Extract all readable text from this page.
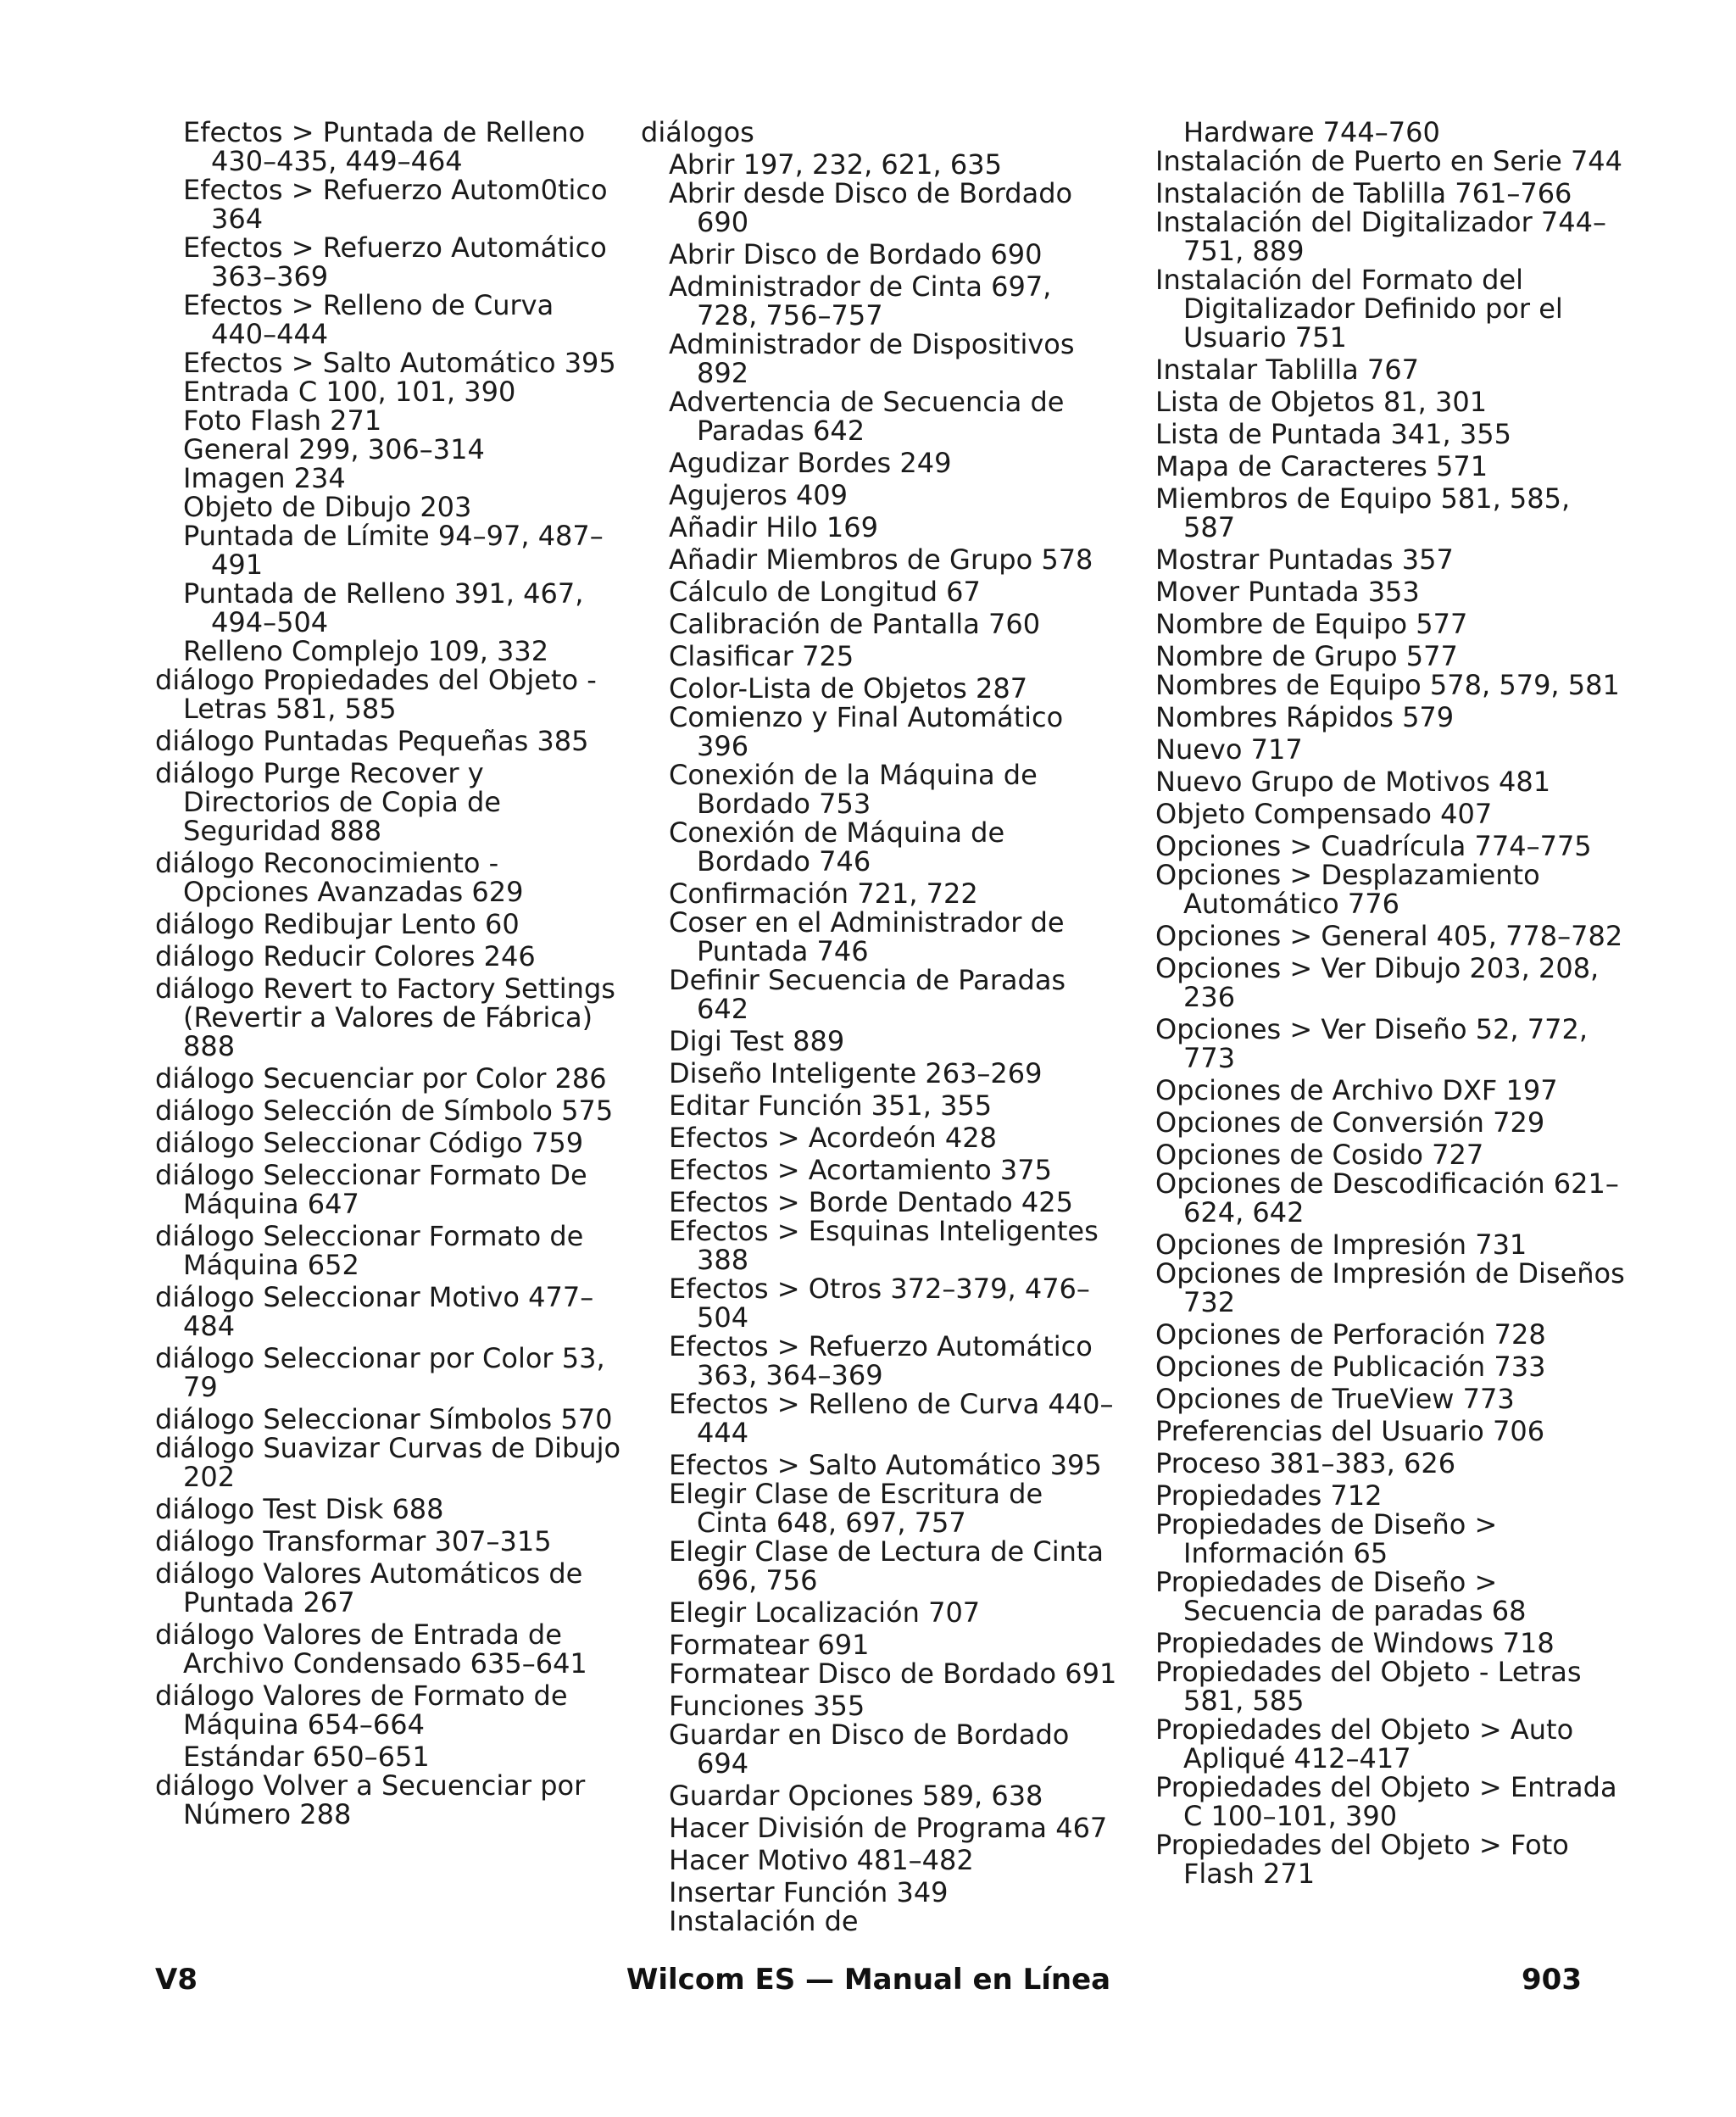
Efectos > Puntada de Relleno 430–435, 449–464
Efectos > Refuerzo Autom0tico 364
Efectos > Refuerzo Automático 363–369
Efectos > Relleno de Curva 440–444
Efectos > Salto Automático 395
Entrada C 100, 101, 390
Foto Flash 271
General 299, 306–314
Imagen 234
Objeto de Dibujo 203
Puntada de Límite 94–97, 487–491
Puntada de Relleno 391, 467, 494–504
Relleno Complejo 109, 332
diálogo Propiedades del Objeto - Letras 581, 585
diálogo Puntadas Pequeñas 385
diálogo Purge Recover y Directorios de Copia de Seguridad 888
diálogo Reconocimiento - Opciones Avanzadas 629
diálogo Redibujar Lento 60
diálogo Reducir Colores 246
diálogo Revert to Factory Settings (Revertir a Valores de Fábrica) 888
diálogo Secuenciar por Color 286
diálogo Selección de Símbolo 575
diálogo Seleccionar Código 759
diálogo Seleccionar Formato De Máquina 647
diálogo Seleccionar Formato de Máquina 652
diálogo Seleccionar Motivo 477–484
diálogo Seleccionar por Color 53, 79
diálogo Seleccionar Símbolos 570
diálogo Suavizar Curvas de Dibujo 202
diálogo Test Disk 688
diálogo Transformar 307–315
diálogo Valores Automáticos de Puntada 267
diálogo Valores de Entrada de Archivo Condensado 635–641
diálogo Valores de Formato de Máquina 654–664
Estándar 650–651
diálogo Volver a Secuenciar por Número 288
diálogos
Abrir 197, 232, 621, 635
Abrir desde Disco de Bordado 690
Abrir Disco de Bordado 690
Administrador de Cinta 697, 728, 756–757
Administrador de Dispositivos 892
Advertencia de Secuencia de Paradas 642
Agudizar Bordes 249
Agujeros 409
Añadir Hilo 169
Añadir Miembros de Grupo 578
Cálculo de Longitud 67
Calibración de Pantalla 760
Clasificar 725
Color-Lista de Objetos 287
Comienzo y Final Automático 396
Conexión de la Máquina de Bordado 753
Conexión de Máquina de Bordado 746
Confirmación 721, 722
Coser en el Administrador de Puntada 746
Definir Secuencia de Paradas 642
Digi Test 889
Diseño Inteligente 263–269
Editar Función 351, 355
Efectos > Acordeón 428
Efectos > Acortamiento 375
Efectos > Borde Dentado 425
Efectos > Esquinas Inteligentes 388
Efectos > Otros 372–379, 476–504
Efectos > Refuerzo Automático 363, 364–369
Efectos > Relleno de Curva 440–444
Efectos > Salto Automático 395
Elegir Clase de Escritura de Cinta 648, 697, 757
Elegir Clase de Lectura de Cinta 696, 756
Elegir Localización 707
Formatear 691
Formatear Disco de Bordado 691
Funciones 355
Guardar en Disco de Bordado 694
Guardar Opciones 589, 638
Hacer División de Programa 467
Hacer Motivo 481–482
Insertar Función 349
Instalación de
Hardware 744–760
Instalación de Puerto en Serie 744
Instalación de Tablilla 761–766
Instalación del Digitalizador 744–751, 889
Instalación del Formato del Digitalizador Definido por el Usuario 751
Instalar Tablilla 767
Lista de Objetos 81, 301
Lista de Puntada 341, 355
Mapa de Caracteres 571
Miembros de Equipo 581, 585, 587
Mostrar Puntadas 357
Mover Puntada 353
Nombre de Equipo 577
Nombre de Grupo 577
Nombres de Equipo 578, 579, 581
Nombres Rápidos 579
Nuevo 717
Nuevo Grupo de Motivos 481
Objeto Compensado 407
Opciones > Cuadrícula 774–775
Opciones > Desplazamiento Automático 776
Opciones > General 405, 778–782
Opciones > Ver Dibujo 203, 208, 236
Opciones > Ver Diseño 52, 772, 773
Opciones de Archivo DXF 197
Opciones de Conversión 729
Opciones de Cosido 727
Opciones de Descodificación 621–624, 642
Opciones de Impresión 731
Opciones de Impresión de Diseños 732
Opciones de Perforación 728
Opciones de Publicación 733
Opciones de TrueView 773
Preferencias del Usuario 706
Proceso 381–383, 626
Propiedades 712
Propiedades de Diseño > Información 65
Propiedades de Diseño > Secuencia de paradas 68
Propiedades de Windows 718
Propiedades del Objeto - Letras 581, 585
Propiedades del Objeto > Auto Apliqué 412–417
Propiedades del Objeto > Entrada C 100–101, 390
Propiedades del Objeto > Foto Flash 271
V8	Wilcom ES — Manual en Línea	903
